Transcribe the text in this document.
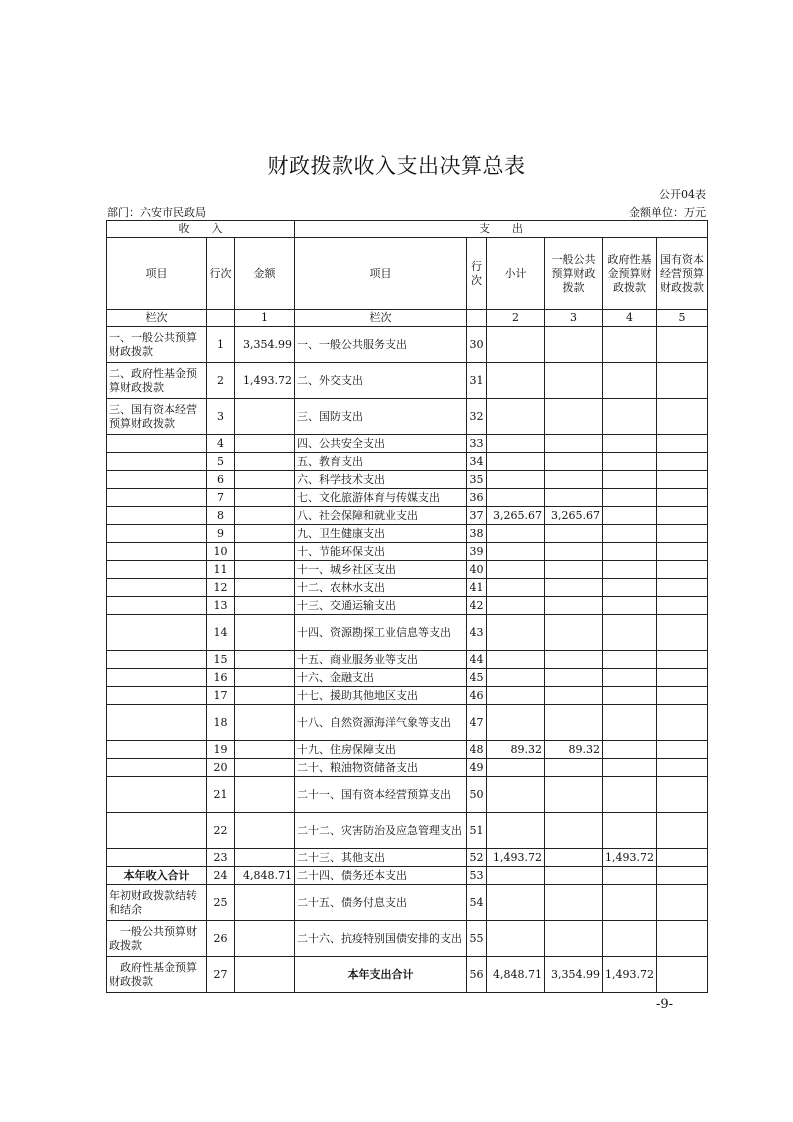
财政拨款收入支出决算总表
公开04表
部门：六安市民政局	金额单位：万元
收　　入			支　　出					
项目	行次	金额	项目	行次	小计	一般公共预算财政拨款	政府性基金预算财政拨款	国有资本经营预算财政拨款
栏次		1	栏次		2	3	4	5
一、一般公共预算财政拨款	1	3,354.99	一、一般公共服务支出	30				
二、政府性基金预算财政拨款	2	1,493.72	二、外交支出	31				
三、国有资本经营预算财政拨款	3		三、国防支出	32				
	4		四、公共安全支出	33				
	5		五、教育支出	34				
	6		六、科学技术支出	35				
	7		七、文化旅游体育与传媒支出	36				
	8		八、社会保障和就业支出	37	3,265.67	3,265.67		
	9		九、卫生健康支出	38				
	10		十、节能环保支出	39				
	11		十一、城乡社区支出	40				
	12		十二、农林水支出	41				
	13		十三、交通运输支出	42				
	14		十四、资源勘探工业信息等支出	43				
	15		十五、商业服务业等支出	44				
	16		十六、金融支出	45				
	17		十七、援助其他地区支出	46				
	18		十八、自然资源海洋气象等支出	47				
	19		十九、住房保障支出	48	89.32	89.32		
	20		二十、粮油物资储备支出	49				
	21		二十一、国有资本经营预算支出	50				
	22		二十二、灾害防治及应急管理支出	51				
	23		二十三、其他支出	52	1,493.72		1,493.72	
本年收入合计	24	4,848.71	二十四、债务还本支出	53				
年初财政拨款结转和结余	25		二十五、债务付息支出	54				
一般公共预算财政拨款	26		二十六、抗疫特别国债安排的支出	55				
政府性基金预算财政拨款	27		本年支出合计	56	4,848.71	3,354.99	1,493.72	
-9-
